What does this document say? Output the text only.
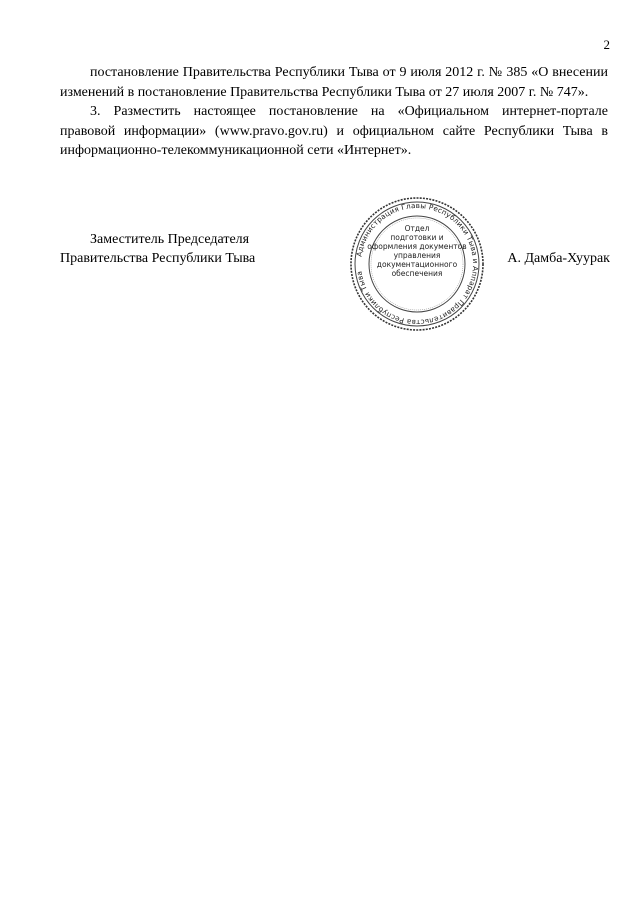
2

постановление Правительства Республики Тыва от 9 июля 2012 г. № 385 «О внесении изменений в постановление Правительства Республики Тыва от 27 июля 2007 г. № 747».

3. Разместить настоящее постановление на «Официальном интернет-портале правовой информации» (www.pravo.gov.ru) и официальном сайте Республики Тыва в информационно-телекоммуникационной сети «Интернет».

Заместитель Председателя
Правительства Республики Тыва	Администрация Главы Республики Тыва и Аппарат Правительства Республики Тыва
Отдел
подготовки и
оформления документов
управления
документационного
обеспечения
А. Дамба-Хуурак
